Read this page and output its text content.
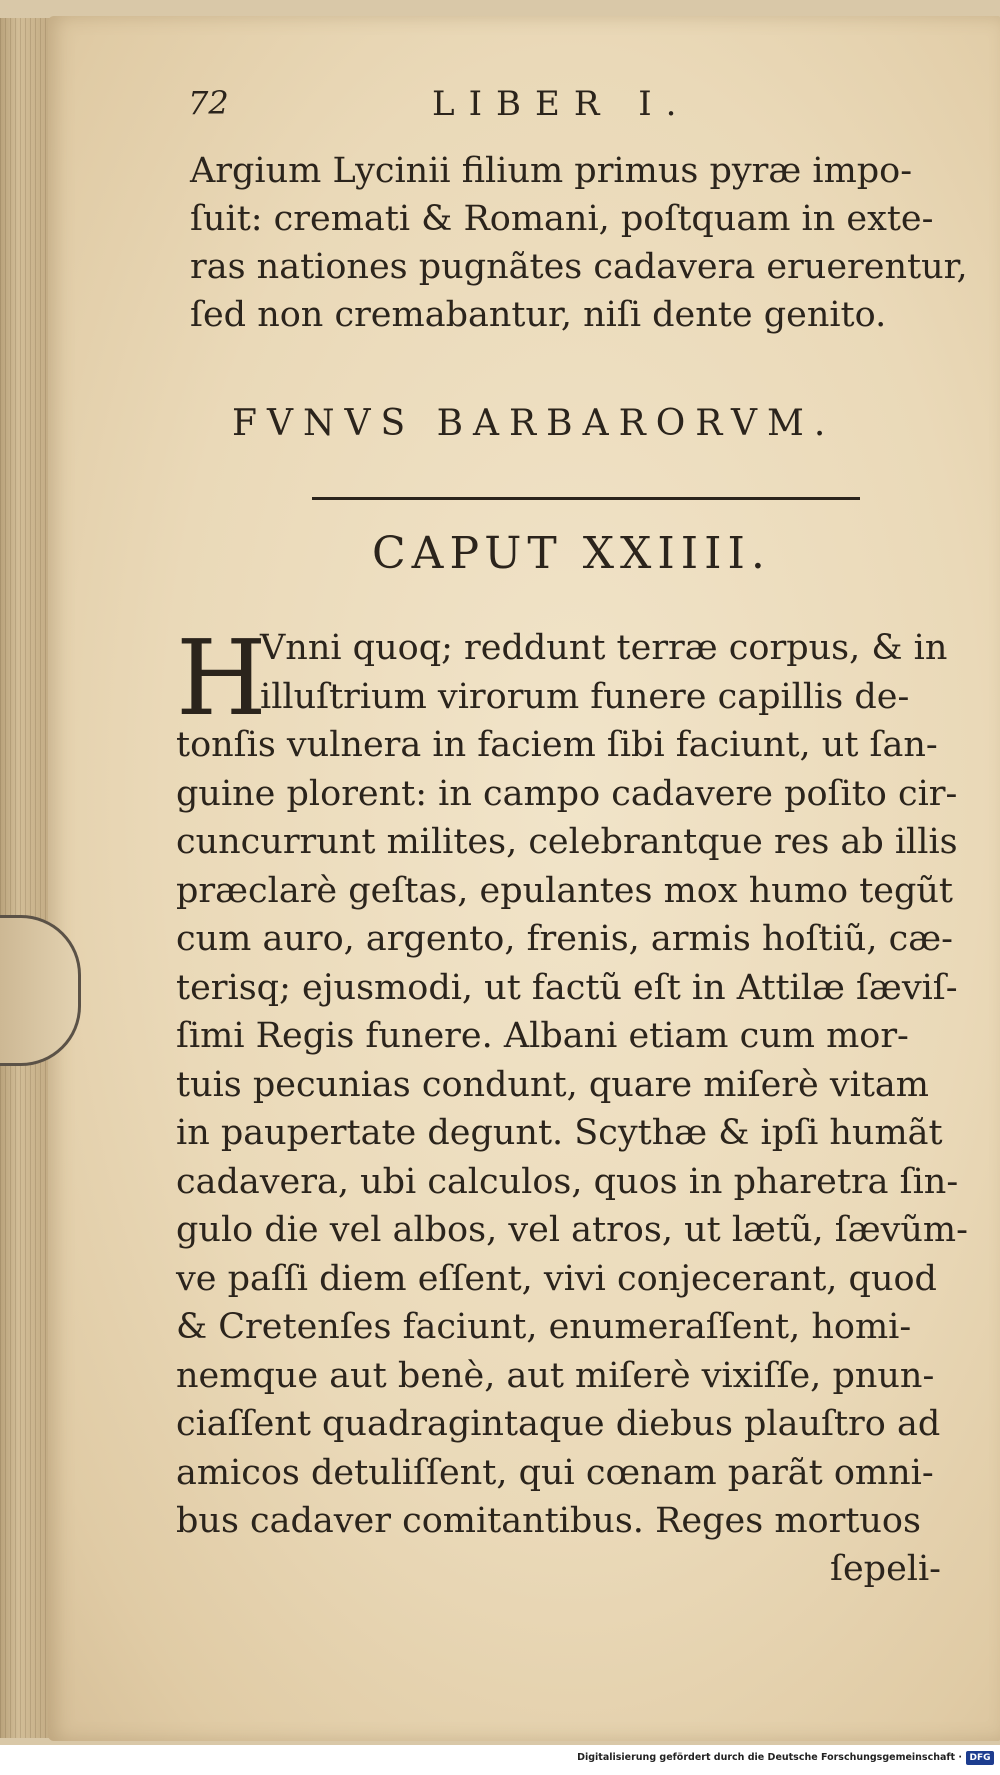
72	LIBER I.
Argium Lycinii filium primus pyræ impo-
ſuit: cremati & Romani, poſtquam in exte-
ras nationes pugnãtes cadavera eruerentur,
ſed non cremabantur, niſi dente genito.
FVNVS BARBARORVM.
CAPUT XXIIII.
H
Vnni quoq; reddunt terræ corpus, & in
illuſtrium virorum funere capillis de-
tonſis vulnera in faciem ſibi faciunt, ut ſan-
guine plorent: in campo cadavere poſito cir-
cuncurrunt milites, celebrantque res ab illis
præclarè geſtas, epulantes mox humo tegũt
cum auro, argento, frenis, armis hoſtiũ, cæ-
terisq; ejusmodi, ut factũ eſt in Attilæ ſæviſ-
ſimi Regis funere. Albani etiam cum mor-
tuis pecunias condunt, quare miſerè vitam
in paupertate degunt. Scythæ & ipſi humãt
cadavera, ubi calculos, quos in pharetra ſin-
gulo die vel albos, vel atros, ut lætũ, ſævũm-
ve paſſi diem eſſent, vivi conjecerant, quod
& Cretenſes faciunt, enumeraſſent, homi-
nemque aut benè, aut miſerè vixiſſe, pnun-
ciaſſent quadragintaque diebus plauſtro ad
amicos detuliſſent, qui cœnam parãt omni-
bus cadaver comitantibus. Reges mortuos
ſepeli-
Digitalisierung gefördert durch die Deutsche Forschungsgemeinschaft · DFG
